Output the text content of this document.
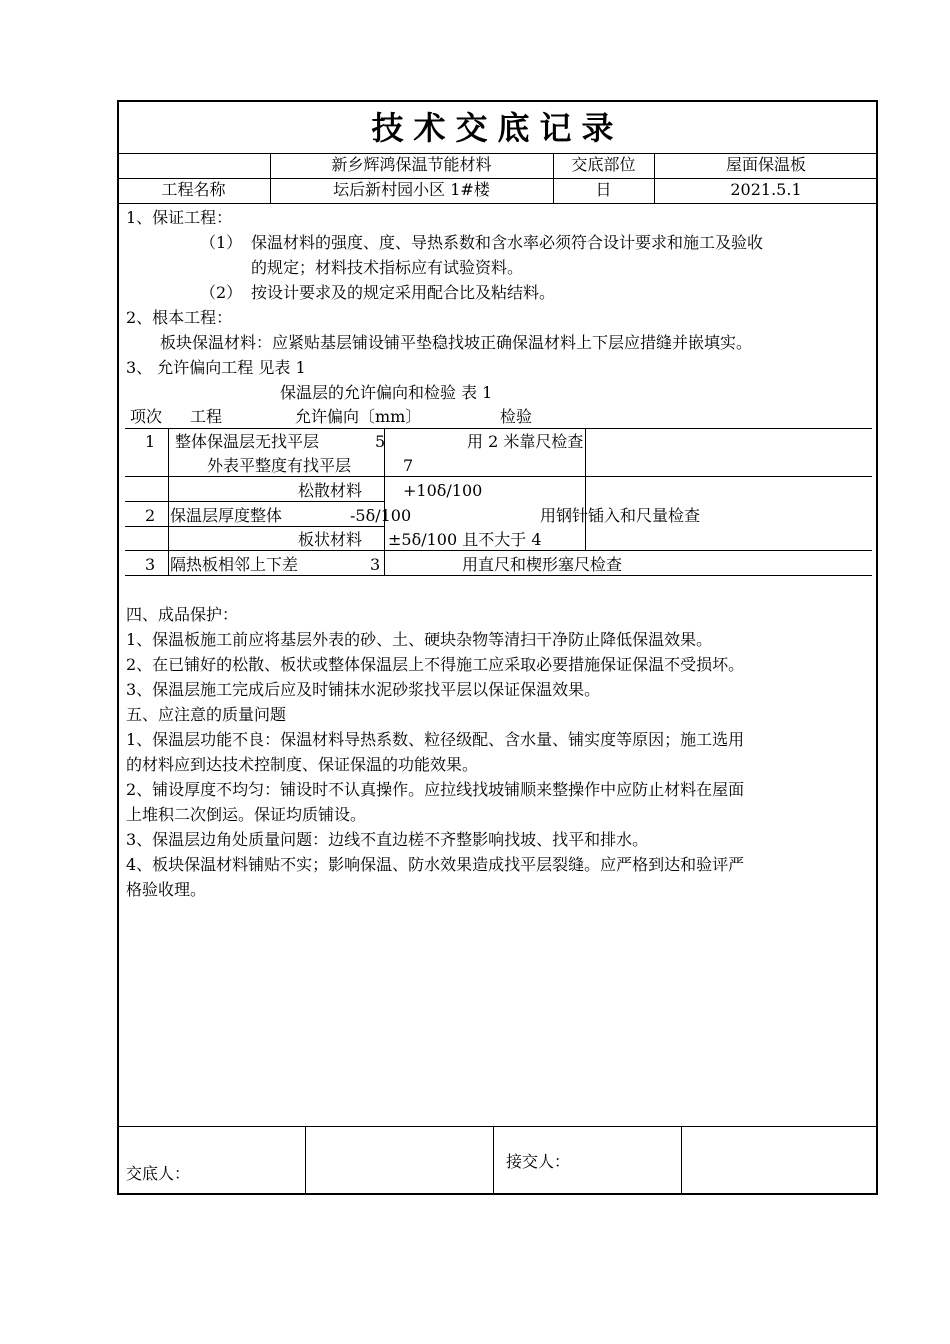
技术交底记录
新乡辉鸿保温节能材料	交底部位	屋面保温板
工程名称	坛后新村园小区 1#楼	日	2021.5.1
1、保证工程：
（1） 保温材料的强度、度、导热系数和含水率必须符合设计要求和施工及验收
的规定；材料技术指标应有试验资料。
（2） 按设计要求及的规定采用配合比及粘结料。
2、根本工程：
板块保温材料：应紧贴基层铺设铺平垫稳找坡正确保温材料上下层应措缝并嵌填实。
3、 允许偏向工程 见表 1
保温层的允许偏向和检验 表 1
项次 工程	允许偏向〔mm〕	检验
1 整体保温层无找平层	5	用 2 米靠尺检查
外表平整度有找平层	7
松散材料	+10δ/100
2 保温层厚度整体	-5δ/100	用钢针锸入和尺量检查
板状材料 ±5δ/100 且不大于 4
3 隔热板相邻上下差	3	用直尺和楔形塞尺检查
四、成品保护：
1、保温板施工前应将基层外表的砂、土、硬块杂物等清扫干净防止降低保温效果。
2、在已铺好的松散、板状或整体保温层上不得施工应采取必要措施保证保温不受损坏。
3、保温层施工完成后应及时铺抹水泥砂浆找平层以保证保温效果。
五、应注意的质量问题
1、保温层功能不良：保温材料导热系数、粒径级配、含水量、铺实度等原因；施工选用
的材料应到达技术控制度、保证保温的功能效果。
2、铺设厚度不均匀：铺设时不认真操作。应拉线找坡铺顺来整操作中应防止材料在屋面
上堆积二次倒运。保证均质铺设。
3、保温层边角处质量问题：边线不直边槎不齐整影响找坡、找平和排水。
4、板块保温材料铺贴不实；影响保温、防水效果造成找平层裂缝。应严格到达和验评严
格验收理。
交底人：
接交人：
